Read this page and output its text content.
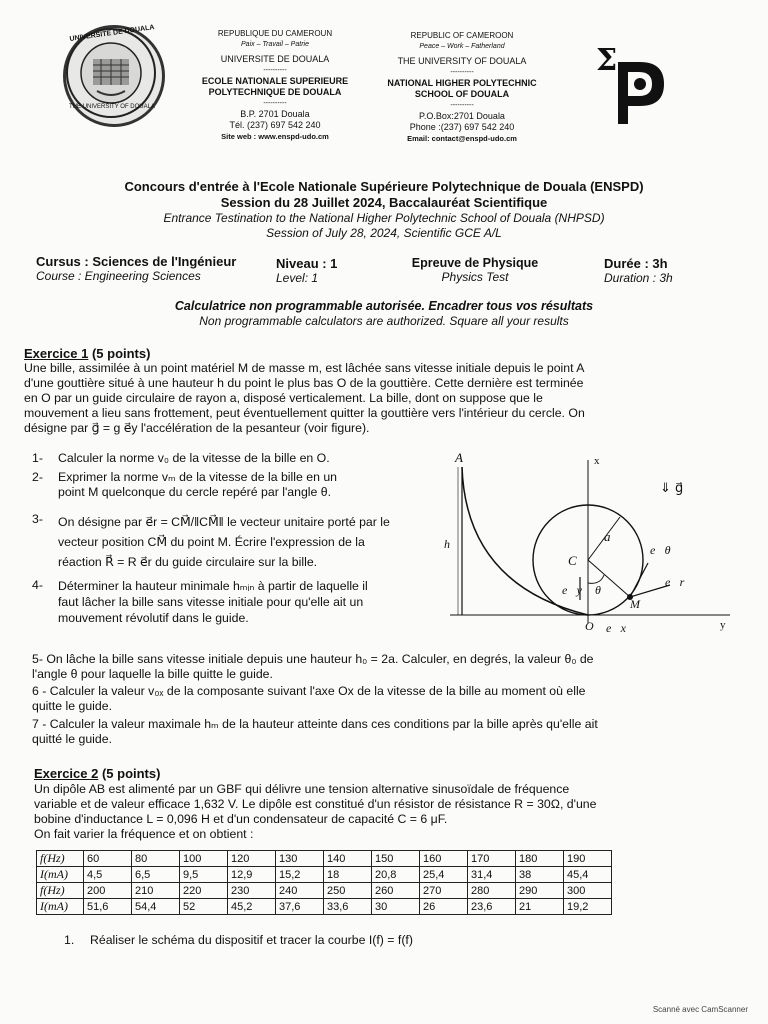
UNIVERSITE DE DOUALA
THE UNIVERSITY OF DOUALA
REPUBLIQUE DU CAMEROUN
Paix – Travail – Patrie
UNIVERSITE DE DOUALA
----------
ECOLE NATIONALE SUPERIEURE
POLYTECHNIQUE DE DOUALA
----------
B.P. 2701 Douala
Tél. (237) 697 542 240
Site web : www.enspd-udo.cm
REPUBLIC OF CAMEROON
Peace – Work – Fatherland
THE UNIVERSITY OF DOUALA
----------
NATIONAL HIGHER POLYTECHNIC
SCHOOL OF DOUALA
----------
P.O.Box:2701 Douala
Phone :(237) 697 542 240
Email: contact@enspd-udo.cm
Σ
Concours d'entrée à l'Ecole Nationale Supérieure Polytechnique de Douala (ENSPD)
Session du 28 Juillet 2024, Baccalauréat Scientifique
Entrance Testination to the National Higher Polytechnic School of Douala (NHPSD)
Session of July 28, 2024, Scientific GCE A/L
Cursus : Sciences de l'Ingénieur
Course : Engineering Sciences
Niveau : 1
Level: 1
Epreuve de Physique
Physics Test
Durée : 3h
Duration : 3h
Calculatrice non programmable autorisée. Encadrer tous vos résultats
Non programmable calculators are authorized. Square all your results
Exercice 1 (5 points)
Une bille, assimilée à un point matériel M de masse m, est lâchée sans vitesse initiale depuis le point A
d'une gouttière situé à une hauteur h du point le plus bas O de la gouttière. Cette dernière est terminée
en O par un guide circulaire de rayon a, disposé verticalement. La bille, dont on suppose que le
mouvement a lieu sans frottement, peut éventuellement quitter la gouttière vers l'intérieur du cercle. On
désigne par g⃗ = g e⃗y l'accélération de la pesanteur (voir figure).
1- Calculer la norme v₀ de la vitesse de la bille en O.
2- Exprimer la norme vₘ de la vitesse de la bille en un
point M quelconque du cercle repéré par l'angle θ.
3- On désigne par e⃗r = CM⃗/‖CM⃗‖ le vecteur unitaire porté par le
vecteur position CM⃗ du point M. Écrire l'expression de la
réaction R⃗ = R e⃗r du guide circulaire sur la bille.
4- Déterminer la hauteur minimale hₘᵢₙ à partir de laquelle il
faut lâcher la bille sans vitesse initiale pour qu'elle ait un
mouvement révolutif dans le guide.
A
h
x
y
C
a
O
M
θ
e⃗y
e⃗x
e⃗r
e⃗θ
⇓ g⃗
5- On lâche la bille sans vitesse initiale depuis une hauteur h₀ = 2a. Calculer, en degrés, la valeur θ₀ de
l'angle θ pour laquelle la bille quitte le guide.
6 - Calculer la valeur v₀ₓ de la composante suivant l'axe Ox de la vitesse de la bille au moment où elle
quitte le guide.
7 - Calculer la valeur maximale hₘ de la hauteur atteinte dans ces conditions par la bille après qu'elle ait
quitté le guide.
Exercice 2 (5 points)
Un dipôle AB est alimenté par un GBF qui délivre une tension alternative sinusoïdale de fréquence
variable et de valeur efficace 1,632 V. Le dipôle est constitué d'un résistor de résistance R = 30Ω, d'une
bobine d'inductance L = 0,096 H et d'un condensateur de capacité C = 6 μF.
On fait varier la fréquence et on obtient :
f(Hz)	60	80	100	120	130	140	150	160	170	180	190
I(mA)	4,5	6,5	9,5	12,9	15,2	18	20,8	25,4	31,4	38	45,4
f(Hz)	200	210	220	230	240	250	260	270	280	290	300
I(mA)	51,6	54,4	52	45,2	37,6	33,6	30	26	23,6	21	19,2
1. Réaliser le schéma du dispositif et tracer la courbe I(f) = f(f)
Scanné avec CamScanner
